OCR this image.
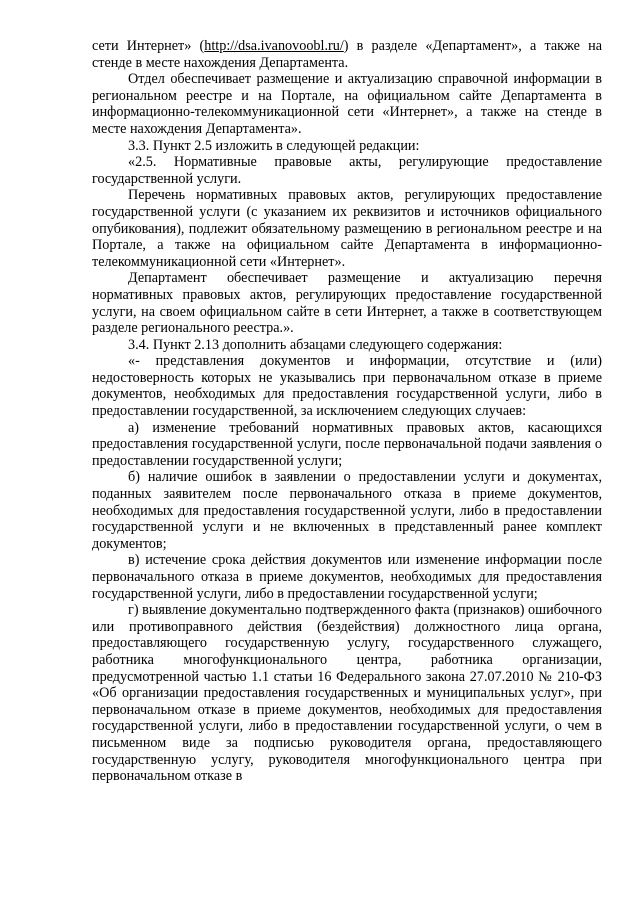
сети Интернет» (http://dsa.ivanovoobl.ru/) в разделе «Департамент», а также на стенде в месте нахождения Департамента.

Отдел обеспечивает размещение и актуализацию справочной информации в региональном реестре и на Портале, на официальном сайте Департамента в информационно-телекоммуникационной сети «Интернет», а также на стенде в месте нахождения Департамента».

3.3. Пункт 2.5 изложить в следующей редакции:

«2.5. Нормативные правовые акты, регулирующие предоставление государственной услуги.

Перечень нормативных правовых актов, регулирующих предоставление государственной услуги (с указанием их реквизитов и источников официального опубикования), подлежит обязательному размещению в региональном реестре и на Портале, а также на официальном сайте Департамента в информационно-телекоммуникационной сети «Интернет».

Департамент обеспечивает размещение и актуализацию перечня нормативных правовых актов, регулирующих предоставление государственной услуги, на своем официальном сайте в сети Интернет, а также в соответствующем разделе регионального реестра.».

3.4. Пункт 2.13 дополнить абзацами следующего содержания:

«- представления документов и информации, отсутствие и (или) недостоверность которых не указывались при первоначальном отказе в приеме документов, необходимых для предоставления государственной услуги, либо в предоставлении государственной, за исключением следующих случаев:

а) изменение требований нормативных правовых актов, касающихся предоставления государственной услуги, после первоначальной подачи заявления о предоставлении государственной услуги;

б) наличие ошибок в заявлении о предоставлении услуги и документах, поданных заявителем после первоначального отказа в приеме документов, необходимых для предоставления государственной услуги, либо в предоставлении государственной услуги и не включенных в представленный ранее комплект документов;

в) истечение срока действия документов или изменение информации после первоначального отказа в приеме документов, необходимых для предоставления государственной услуги, либо в предоставлении государственной услуги;

г) выявление документально подтвержденного факта (признаков) ошибочного или противоправного действия (бездействия) должностного лица органа, предоставляющего государственную услугу, государственного служащего, работника многофункционального центра, работника организации, предусмотренной частью 1.1 статьи 16 Федерального закона 27.07.2010 № 210-ФЗ «Об организации предоставления государственных и муниципальных услуг», при первоначальном отказе в приеме документов, необходимых для предоставления государственной услуги, либо в предоставлении государственной услуги, о чем в письменном виде за подписью руководителя органа, предоставляющего государственную услугу, руководителя многофункционального центра при первоначальном отказе в
